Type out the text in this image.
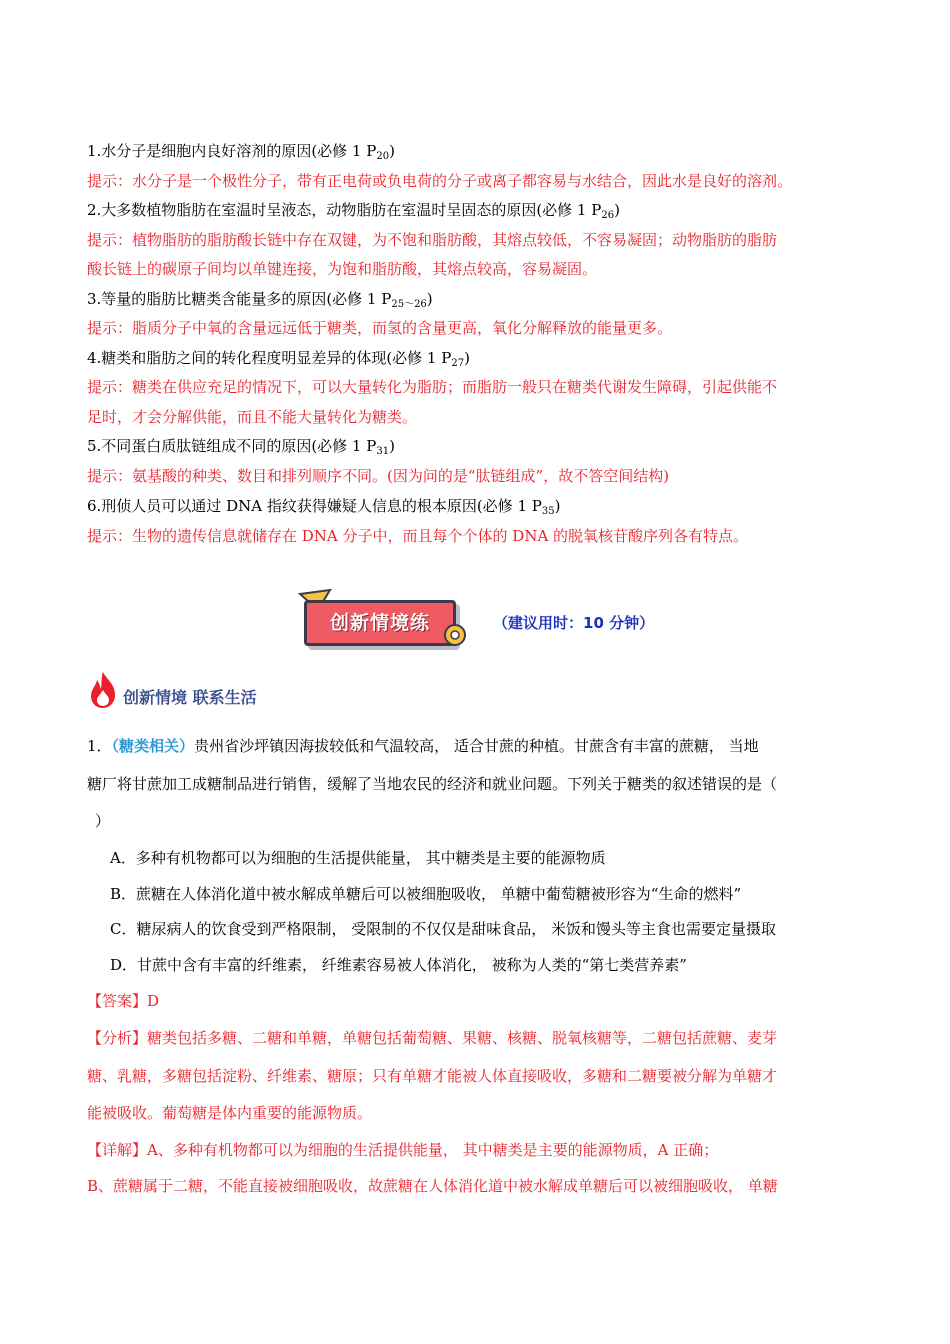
1.水分子是细胞内良好溶剂的原因(必修 1 $P_{20}$)
提示：水分子是一个极性分子，带有正电荷或负电荷的分子或离子都容易与水结合，因此水是良好的溶剂。
2.大多数植物脂肪在室温时呈液态，动物脂肪在室温时呈固态的原因(必修 1 $P_{26}$)
提示：植物脂肪的脂肪酸长链中存在双键，为不饱和脂肪酸，其熔点较低，不容易凝固；动物脂肪的脂肪
酸长链上的碳原子间均以单键连接，为饱和脂肪酸，其熔点较高，容易凝固。
3.等量的脂肪比糖类含能量多的原因(必修 1 $P_{25\sim 26}$)
提示：脂质分子中氧的含量远远低于糖类，而氢的含量更高，氧化分解释放的能量更多。
4.糖类和脂肪之间的转化程度明显差异的体现(必修 1 $P_{27}$)
提示：糖类在供应充足的情况下，可以大量转化为脂肪；而脂肪一般只在糖类代谢发生障碍，引起供能不
足时，才会分解供能，而且不能大量转化为糖类。
5.不同蛋白质肽链组成不同的原因(必修 1 $P_{31}$)
提示：氨基酸的种类、数目和排列顺序不同。(因为问的是“肽链组成”，故不答空间结构)
6.刑侦人员可以通过 DNA 指纹获得嫌疑人信息的根本原因(必修 1 $P_{35}$)
提示：生物的遗传信息就储存在 DNA 分子中，而且每个个体的 DNA 的脱氧核苷酸序列各有特点。
创新情境练	（建议用时：10 分钟）
创新情境 联系生活
1．（糖类相关）贵州省沙坪镇因海拔较低和气温较高， 适合甘蔗的种植。甘蔗含有丰富的蔗糖， 当地
糖厂将甘蔗加工成糖制品进行销售，缓解了当地农民的经济和就业问题。下列关于糖类的叙述错误的是（
）
A．多种有机物都可以为细胞的生活提供能量， 其中糖类是主要的能源物质
B．蔗糖在人体消化道中被水解成单糖后可以被细胞吸收， 单糖中葡萄糖被形容为“生命的燃料”
C．糖尿病人的饮食受到严格限制， 受限制的不仅仅是甜味食品， 米饭和馒头等主食也需要定量摄取
D．甘蔗中含有丰富的纤维素， 纤维素容易被人体消化， 被称为人类的“第七类营养素”
【答案】D
【分析】糖类包括多糖、二糖和单糖，单糖包括葡萄糖、果糖、核糖、脱氧核糖等，二糖包括蔗糖、麦芽
糖、乳糖，多糖包括淀粉、纤维素、糖原；只有单糖才能被人体直接吸收，多糖和二糖要被分解为单糖才
能被吸收。葡萄糖是体内重要的能源物质。
【详解】A、多种有机物都可以为细胞的生活提供能量， 其中糖类是主要的能源物质，A 正确；
B、蔗糖属于二糖，不能直接被细胞吸收，故蔗糖在人体消化道中被水解成单糖后可以被细胞吸收， 单糖
